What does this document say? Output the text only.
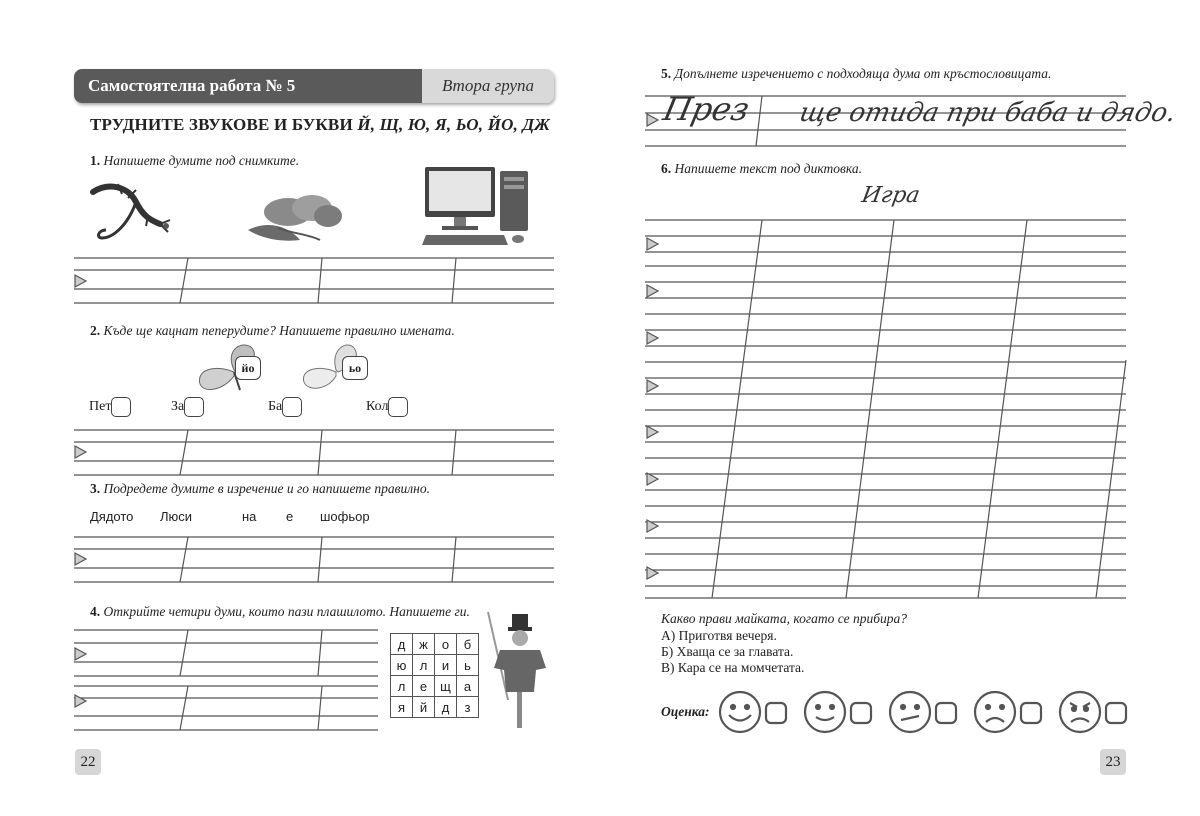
Самостоятелна работа № 5	Втора група
ТРУДНИТЕ ЗВУКОВЕ И БУКВИ Й, Щ, Ю, Я, ЬО, ЙО, ДЖ
1. Напишете думите под снимките.
2. Къде ще кацнат пеперудите? Напишете правилно имената.
йо	ьо
Пет	За	Ба	Кол
3. Подредете думите в изречение и го напишете правилно.
Дядото Люси	на е шофьор
4. Открийте четири думи, които пази плашилото. Напишете ги.
д	ж	о	б
ю	л	и	ь
л	е	щ	а
я	й	д	з
22
5. Допълнете изречението с подходяща дума от кръстословицата.
През ще отида при баба и дядо.
6. Напишете текст под диктовка.
Игра
Какво прави майката, когато се прибира?
А) Приготвя вечеря.
Б) Хваща се за главата.
В) Кара се на момчетата.
Оценка:
23
